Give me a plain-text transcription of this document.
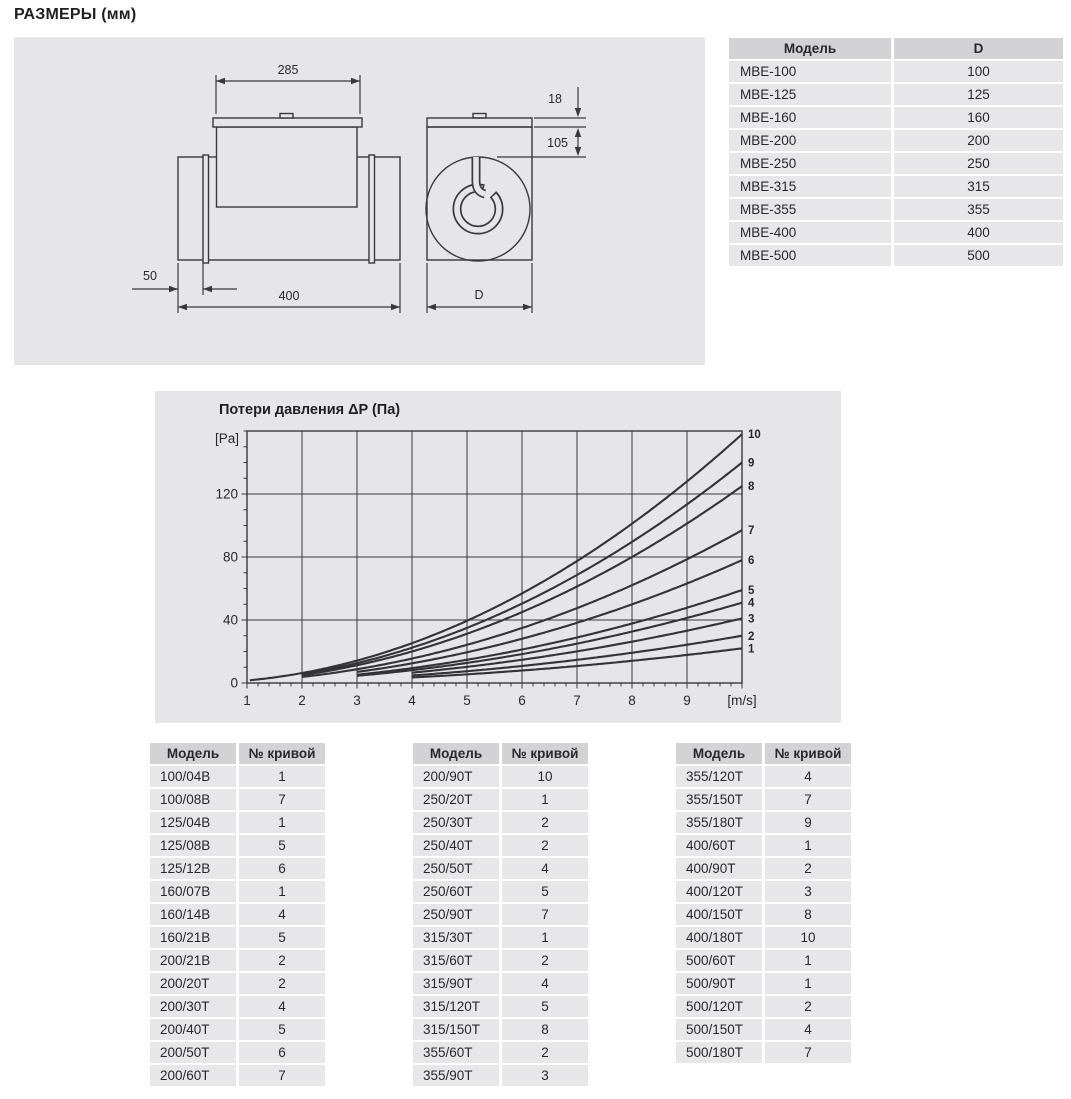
РАЗМЕРЫ (мм)
285
50
400
18
105
D
Модель	D
МВЕ-100	100
МВЕ-125	125
МВЕ-160	160
МВЕ-200	200
МВЕ-250	250
МВЕ-315	315
МВЕ-355	355
МВЕ-400	400
МВЕ-500	500
Потери давления ΔP (Па)
1
2
3
4
5
6
7
8
9
10
0
40
80
120
[Pa]
1	2	3	4	5	6	7	8	9	[m/s]
Модель	№ кривой
100/04В	1
100/08В	7
125/04В	1
125/08В	5
125/12В	6
160/07В	1
160/14В	4
160/21В	5
200/21В	2
200/20Т	2
200/30Т	4
200/40Т	5
200/50Т	6
200/60Т	7
Модель	№ кривой
200/90Т	10
250/20Т	1
250/30Т	2
250/40Т	2
250/50Т	4
250/60Т	5
250/90Т	7
315/30Т	1
315/60Т	2
315/90Т	4
315/120Т	5
315/150Т	8
355/60Т	2
355/90Т	3
Модель	№ кривой
355/120Т	4
355/150Т	7
355/180Т	9
400/60Т	1
400/90Т	2
400/120Т	3
400/150Т	8
400/180Т	10
500/60Т	1
500/90Т	1
500/120Т	2
500/150Т	4
500/180Т	7
